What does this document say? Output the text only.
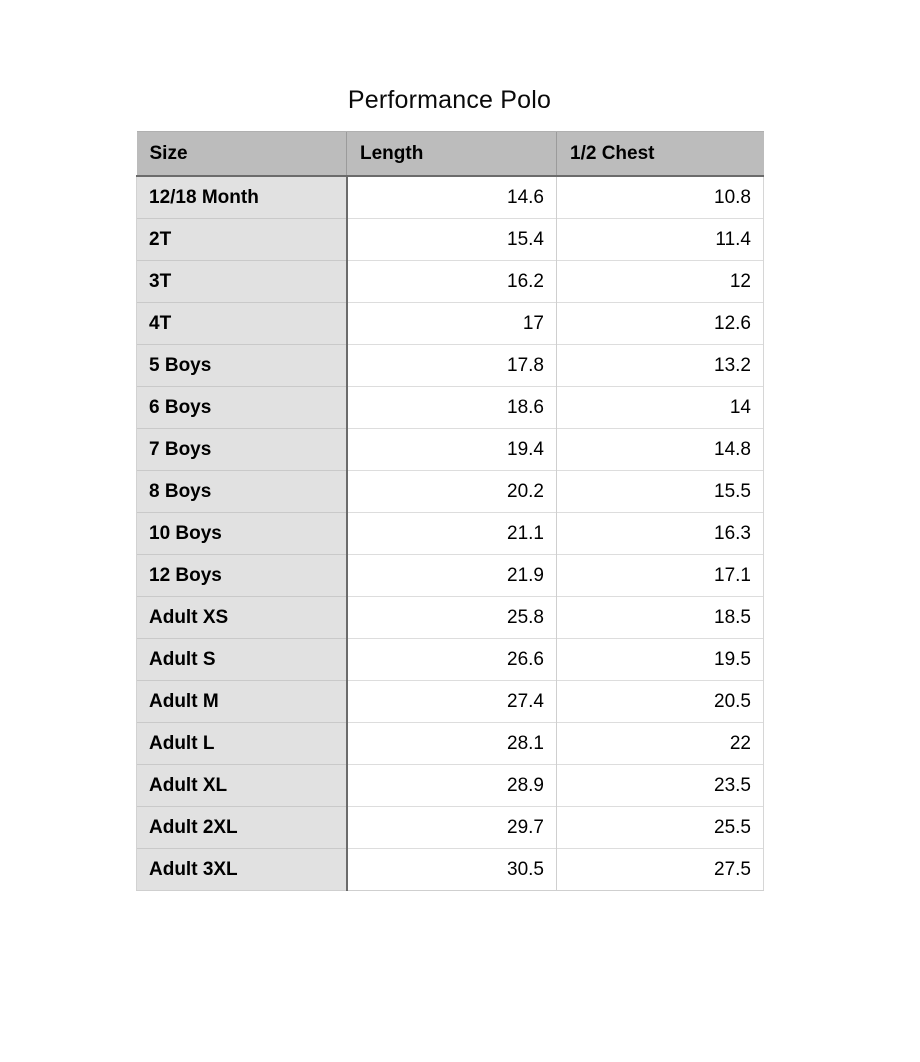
Performance Polo
Size	Length	1/2 Chest
12/18 Month	14.6	10.8
2T	15.4	11.4
3T	16.2	12
4T	17	12.6
5 Boys	17.8	13.2
6 Boys	18.6	14
7 Boys	19.4	14.8
8 Boys	20.2	15.5
10 Boys	21.1	16.3
12 Boys	21.9	17.1
Adult XS	25.8	18.5
Adult S	26.6	19.5
Adult M	27.4	20.5
Adult L	28.1	22
Adult XL	28.9	23.5
Adult 2XL	29.7	25.5
Adult 3XL	30.5	27.5
